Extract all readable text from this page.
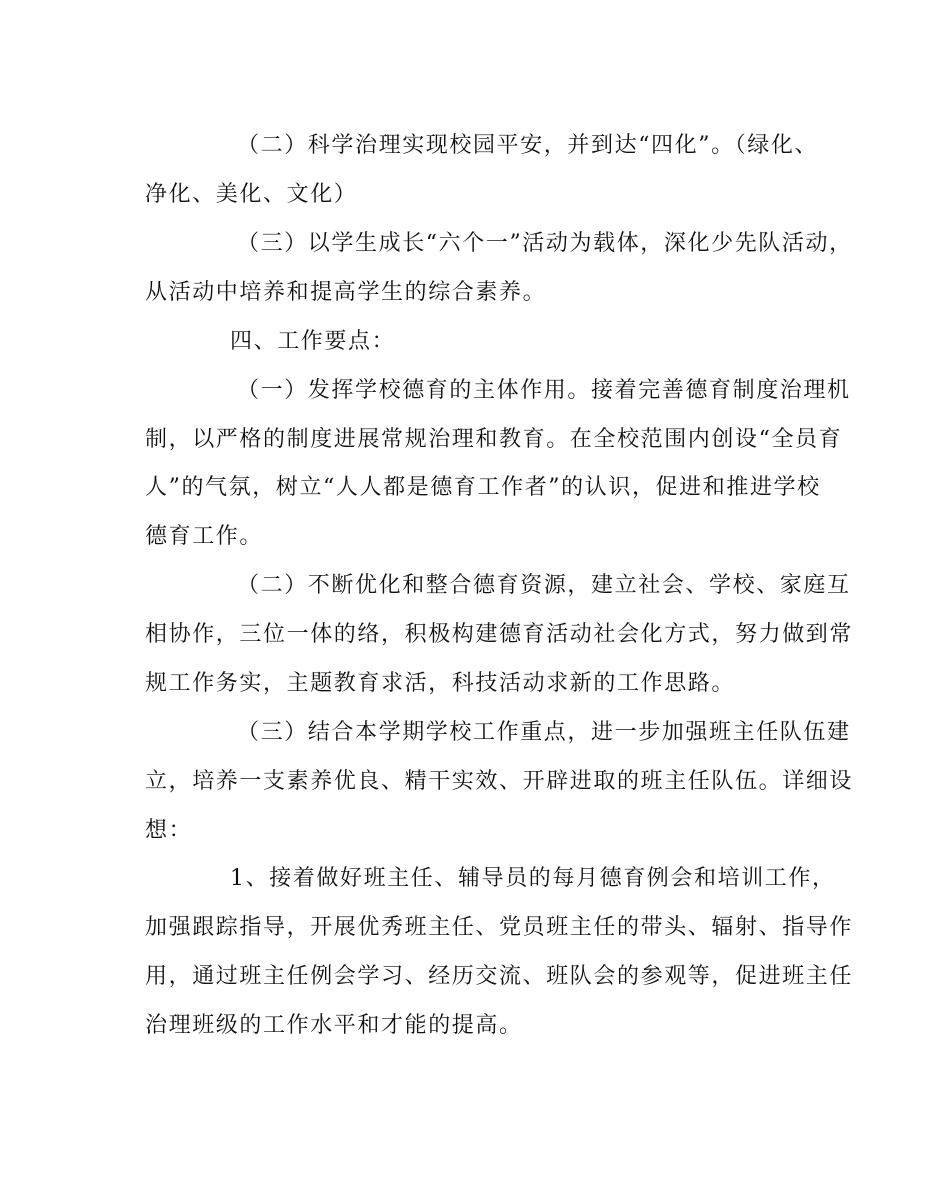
（二）科学治理实现校园平安，并到达“四化”。（绿化、
净化、美化、文化）
（三）以学生成长“六个一”活动为载体，深化少先队活动，
从活动中培养和提高学生的综合素养。
四、工作要点：
（一）发挥学校德育的主体作用。接着完善德育制度治理机
制，以严格的制度进展常规治理和教育。在全校范围内创设“全员育
人”的气氛，树立“人人都是德育工作者”的认识，促进和推进学校
德育工作。
（二）不断优化和整合德育资源，建立社会、学校、家庭互
相协作，三位一体的络，积极构建德育活动社会化方式，努力做到常
规工作务实，主题教育求活，科技活动求新的工作思路。
（三）结合本学期学校工作重点，进一步加强班主任队伍建
立，培养一支素养优良、精干实效、开辟进取的班主任队伍。详细设
想：
1、接着做好班主任、辅导员的每月德育例会和培训工作，
加强跟踪指导，开展优秀班主任、党员班主任的带头、辐射、指导作
用，通过班主任例会学习、经历交流、班队会的参观等，促进班主任
治理班级的工作水平和才能的提高。
